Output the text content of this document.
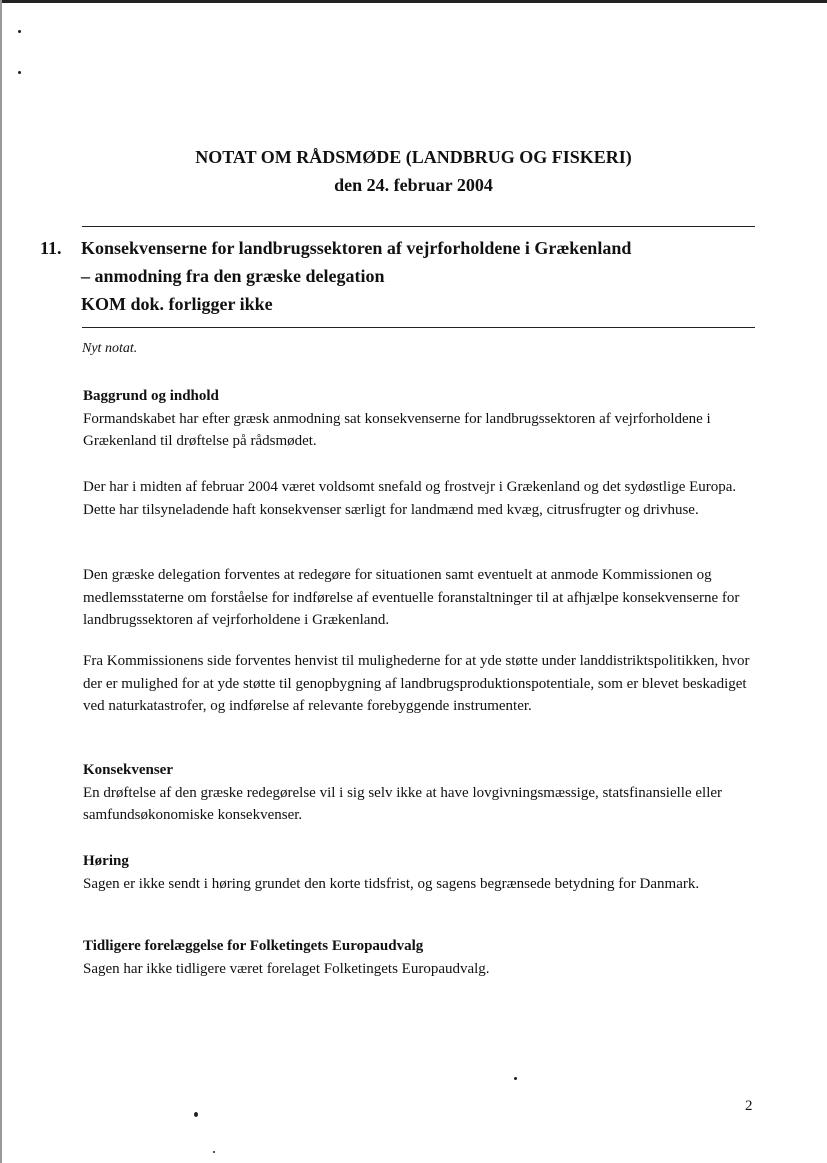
NOTAT OM RÅDSMØDE (LANDBRUG OG FISKERI)
den 24. februar 2004
11. Konsekvenserne for landbrugssektoren af vejrforholdene i Grækenland
– anmodning fra den græske delegation
KOM dok. forligger ikke
Nyt notat.
Baggrund og indhold
Formandskabet har efter græsk anmodning sat konsekvenserne for landbrugssektoren af vejrforholdene i Grækenland til drøftelse på rådsmødet.
Der har i midten af februar 2004 været voldsomt snefald og frostvejr i Grækenland og det sydøstlige Europa. Dette har tilsyneladende haft konsekvenser særligt for landmænd med kvæg, citrusfrugter og drivhuse.
Den græske delegation forventes at redegøre for situationen samt eventuelt at anmode Kommissionen og medlemsstaterne om forståelse for indførelse af eventuelle foranstaltninger til at afhjælpe konsekvenserne for landbrugssektoren af vejrforholdene i Grækenland.
Fra Kommissionens side forventes henvist til mulighederne for at yde støtte under landdistriktspolitikken, hvor der er mulighed for at yde støtte til genopbygning af landbrugsproduktionspotentiale, som er blevet beskadiget ved naturkatastrofer, og indførelse af relevante forebyggende instrumenter.
Konsekvenser
En drøftelse af den græske redegørelse vil i sig selv ikke at have lovgivningsmæssige, statsfinansielle eller samfundsøkonomiske konsekvenser.
Høring
Sagen er ikke sendt i høring grundet den korte tidsfrist, og sagens begrænsede betydning for Danmark.
Tidligere forelæggelse for Folketingets Europaudvalg
Sagen har ikke tidligere været forelaget Folketingets Europaudvalg.
2
